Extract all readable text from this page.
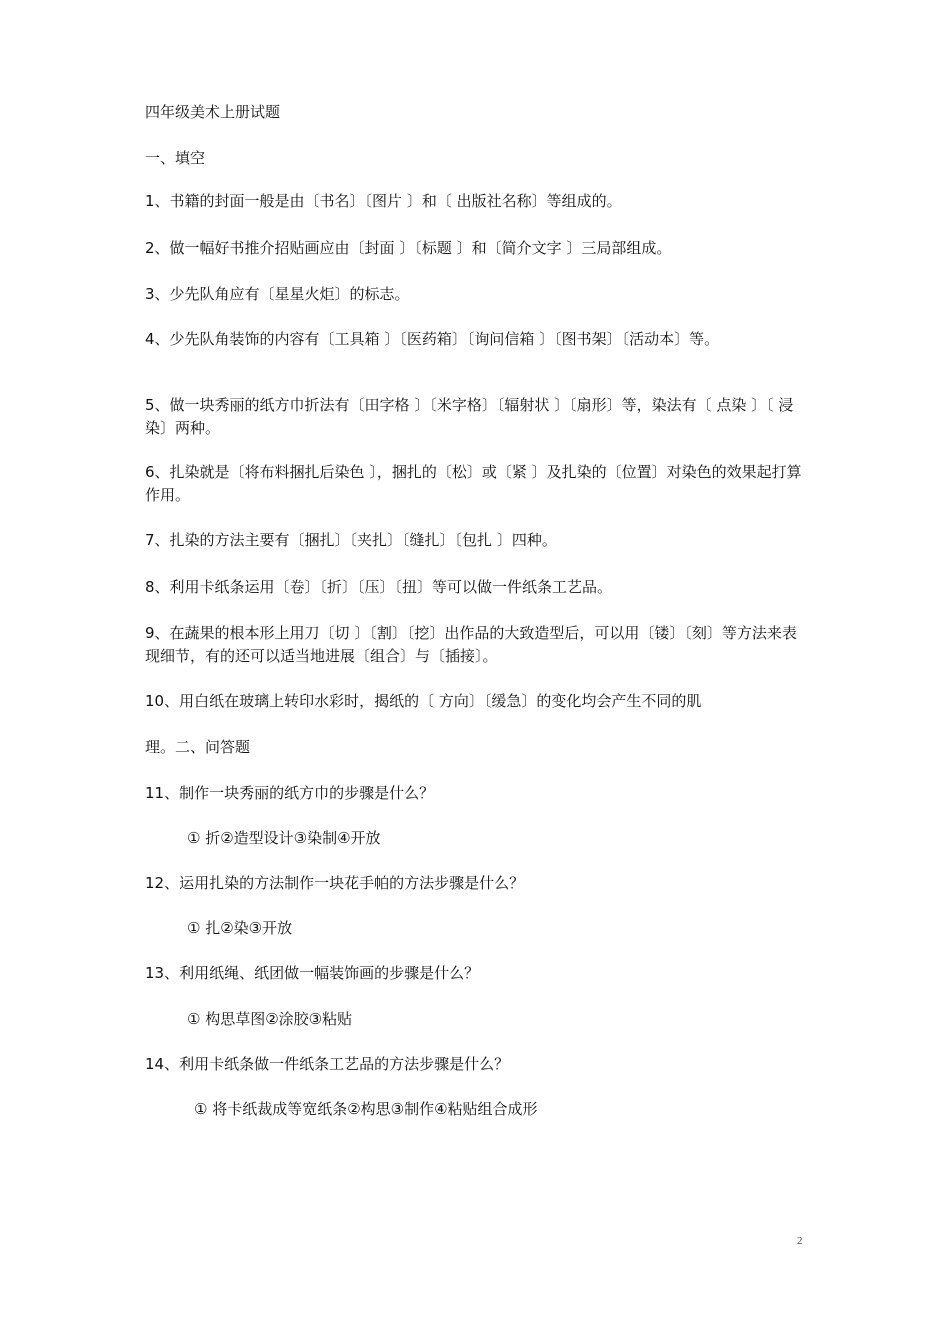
四年级美术上册试题
一、填空
1、书籍的封面一般是由〔书名〕〔图片 〕和〔 出版社名称〕等组成的。
2、做一幅好书推介招贴画应由〔封面 〕〔标题 〕和〔简介文字 〕三局部组成。
3、少先队角应有〔星星火炬〕的标志。
4、少先队角装饰的内容有〔工具箱 〕〔医药箱〕〔询问信箱 〕〔图书架〕〔活动本〕等。
5、做一块秀丽的纸方巾折法有〔田字格 〕〔米字格〕〔辐射状 〕〔扇形〕等，染法有〔 点染 〕〔 浸染〕两种。
6、扎染就是〔将布料捆扎后染色 〕，捆扎的〔松〕或〔紧 〕及扎染的〔位置〕对染色的效果起打算作用。
7、扎染的方法主要有〔捆扎〕〔夹扎〕〔缝扎〕〔包扎 〕四种。
8、利用卡纸条运用〔卷〕〔折〕〔压〕〔扭〕等可以做一件纸条工艺品。
9、在蔬果的根本形上用刀〔切 〕〔割〕〔挖〕出作品的大致造型后，可以用〔镂〕〔刻〕等方法来表现细节，有的还可以适当地进展〔组合〕与〔插接〕。
10、用白纸在玻璃上转印水彩时，揭纸的〔 方向〕〔缓急〕的变化均会产生不同的肌
理。二、问答题
11、制作一块秀丽的纸方巾的步骤是什么？
① 折②造型设计③染制④开放
12、运用扎染的方法制作一块花手帕的方法步骤是什么？
① 扎②染③开放
13、利用纸绳、纸团做一幅装饰画的步骤是什么？
① 构思草图②涂胶③粘贴
14、利用卡纸条做一件纸条工艺品的方法步骤是什么？
① 将卡纸裁成等宽纸条②构思③制作④粘贴组合成形
2
